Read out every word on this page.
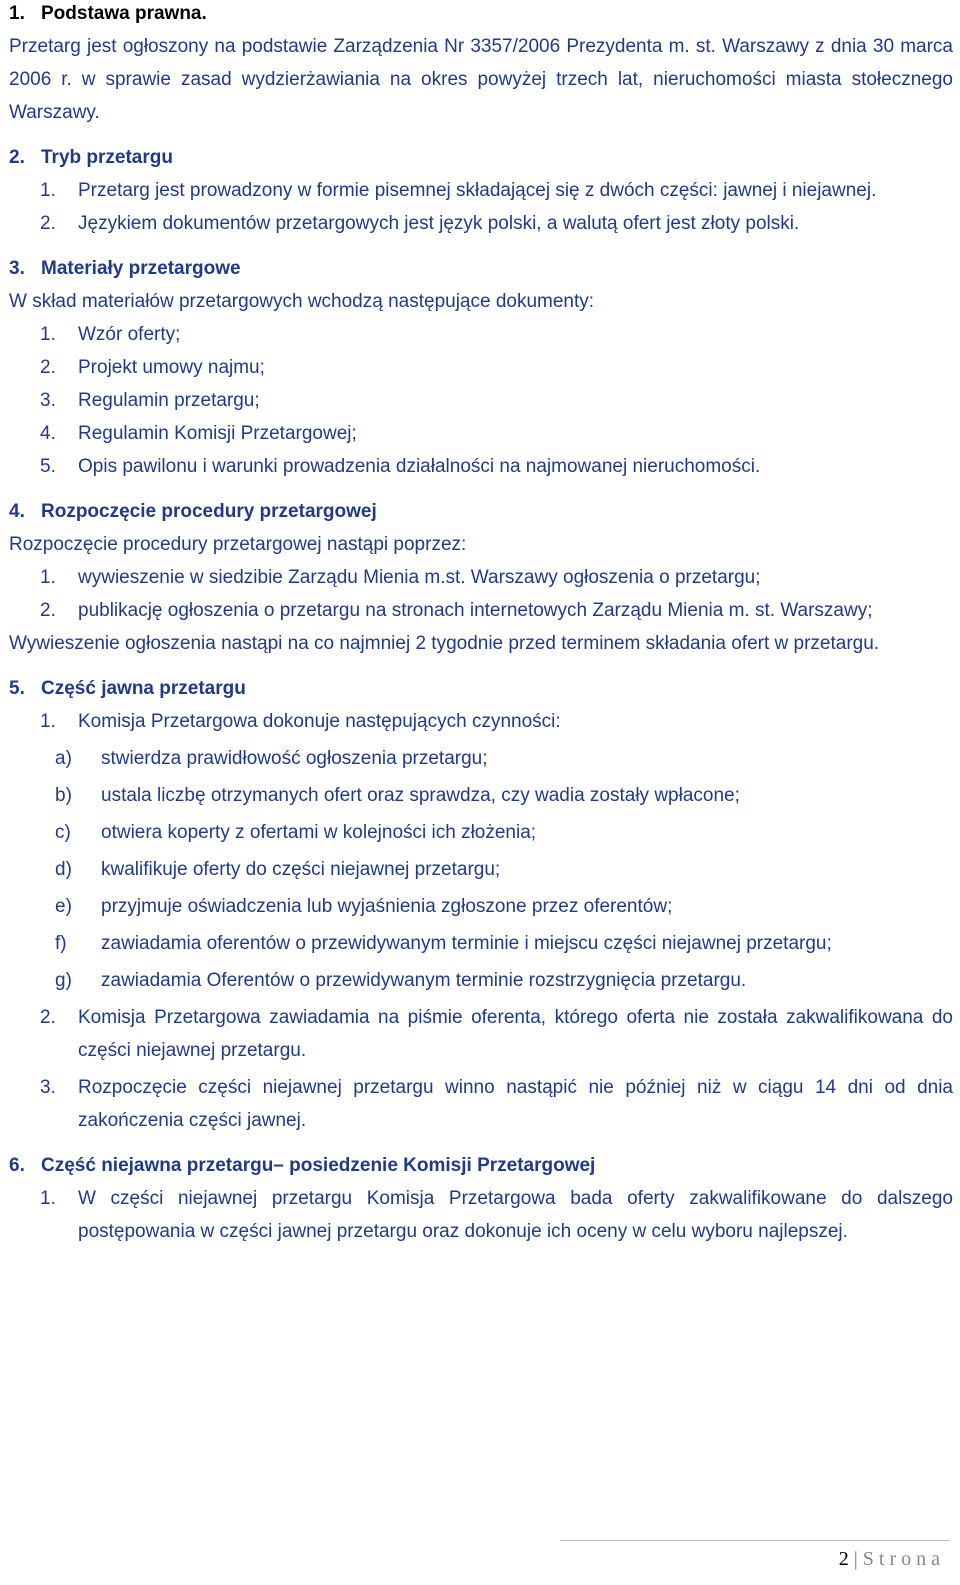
1. Podstawa prawna.
Przetarg jest ogłoszony na podstawie Zarządzenia Nr 3357/2006 Prezydenta m. st. Warszawy z dnia 30 marca 2006 r. w sprawie zasad wydzierżawiania na okres powyżej trzech lat, nieruchomości miasta stołecznego Warszawy.
2. Tryb przetargu
1.	Przetarg jest prowadzony w formie pisemnej składającej się z dwóch części: jawnej i niejawnej.
2.	Językiem dokumentów przetargowych jest język polski, a walutą ofert jest złoty polski.
3. Materiały przetargowe
W skład materiałów przetargowych wchodzą następujące dokumenty:
1.	Wzór oferty;
2.	Projekt umowy najmu;
3.	Regulamin przetargu;
4.	Regulamin Komisji Przetargowej;
5.	Opis pawilonu i warunki prowadzenia działalności na najmowanej nieruchomości.
4. Rozpoczęcie procedury przetargowej
Rozpoczęcie procedury przetargowej nastąpi poprzez:
1.	wywieszenie w siedzibie Zarządu Mienia m.st. Warszawy ogłoszenia o przetargu;
2.	publikację ogłoszenia o przetargu na stronach internetowych Zarządu Mienia m. st. Warszawy;
Wywieszenie ogłoszenia nastąpi na co najmniej 2 tygodnie przed terminem składania ofert w przetargu.
5. Część jawna przetargu
1.	Komisja Przetargowa dokonuje następujących czynności:
a)	stwierdza prawidłowość ogłoszenia przetargu;
b)	ustala liczbę otrzymanych ofert oraz sprawdza, czy wadia zostały wpłacone;
c)	otwiera koperty z ofertami w kolejności ich złożenia;
d)	kwalifikuje oferty do części niejawnej przetargu;
e)	przyjmuje oświadczenia lub wyjaśnienia zgłoszone przez oferentów;
f)	zawiadamia oferentów o przewidywanym terminie i miejscu części niejawnej przetargu;
g)	zawiadamia Oferentów o przewidywanym terminie rozstrzygnięcia przetargu.
2.	Komisja Przetargowa zawiadamia na piśmie oferenta, którego oferta nie została zakwalifikowana do części niejawnej przetargu.
3.	Rozpoczęcie części niejawnej przetargu winno nastąpić nie później niż w ciągu 14 dni od dnia zakończenia części jawnej.
6. Część niejawna przetargu– posiedzenie Komisji Przetargowej
1.	W części niejawnej przetargu Komisja Przetargowa bada oferty zakwalifikowane do dalszego postępowania w części jawnej przetargu oraz dokonuje ich oceny w celu wyboru najlepszej.
2 | Strona
